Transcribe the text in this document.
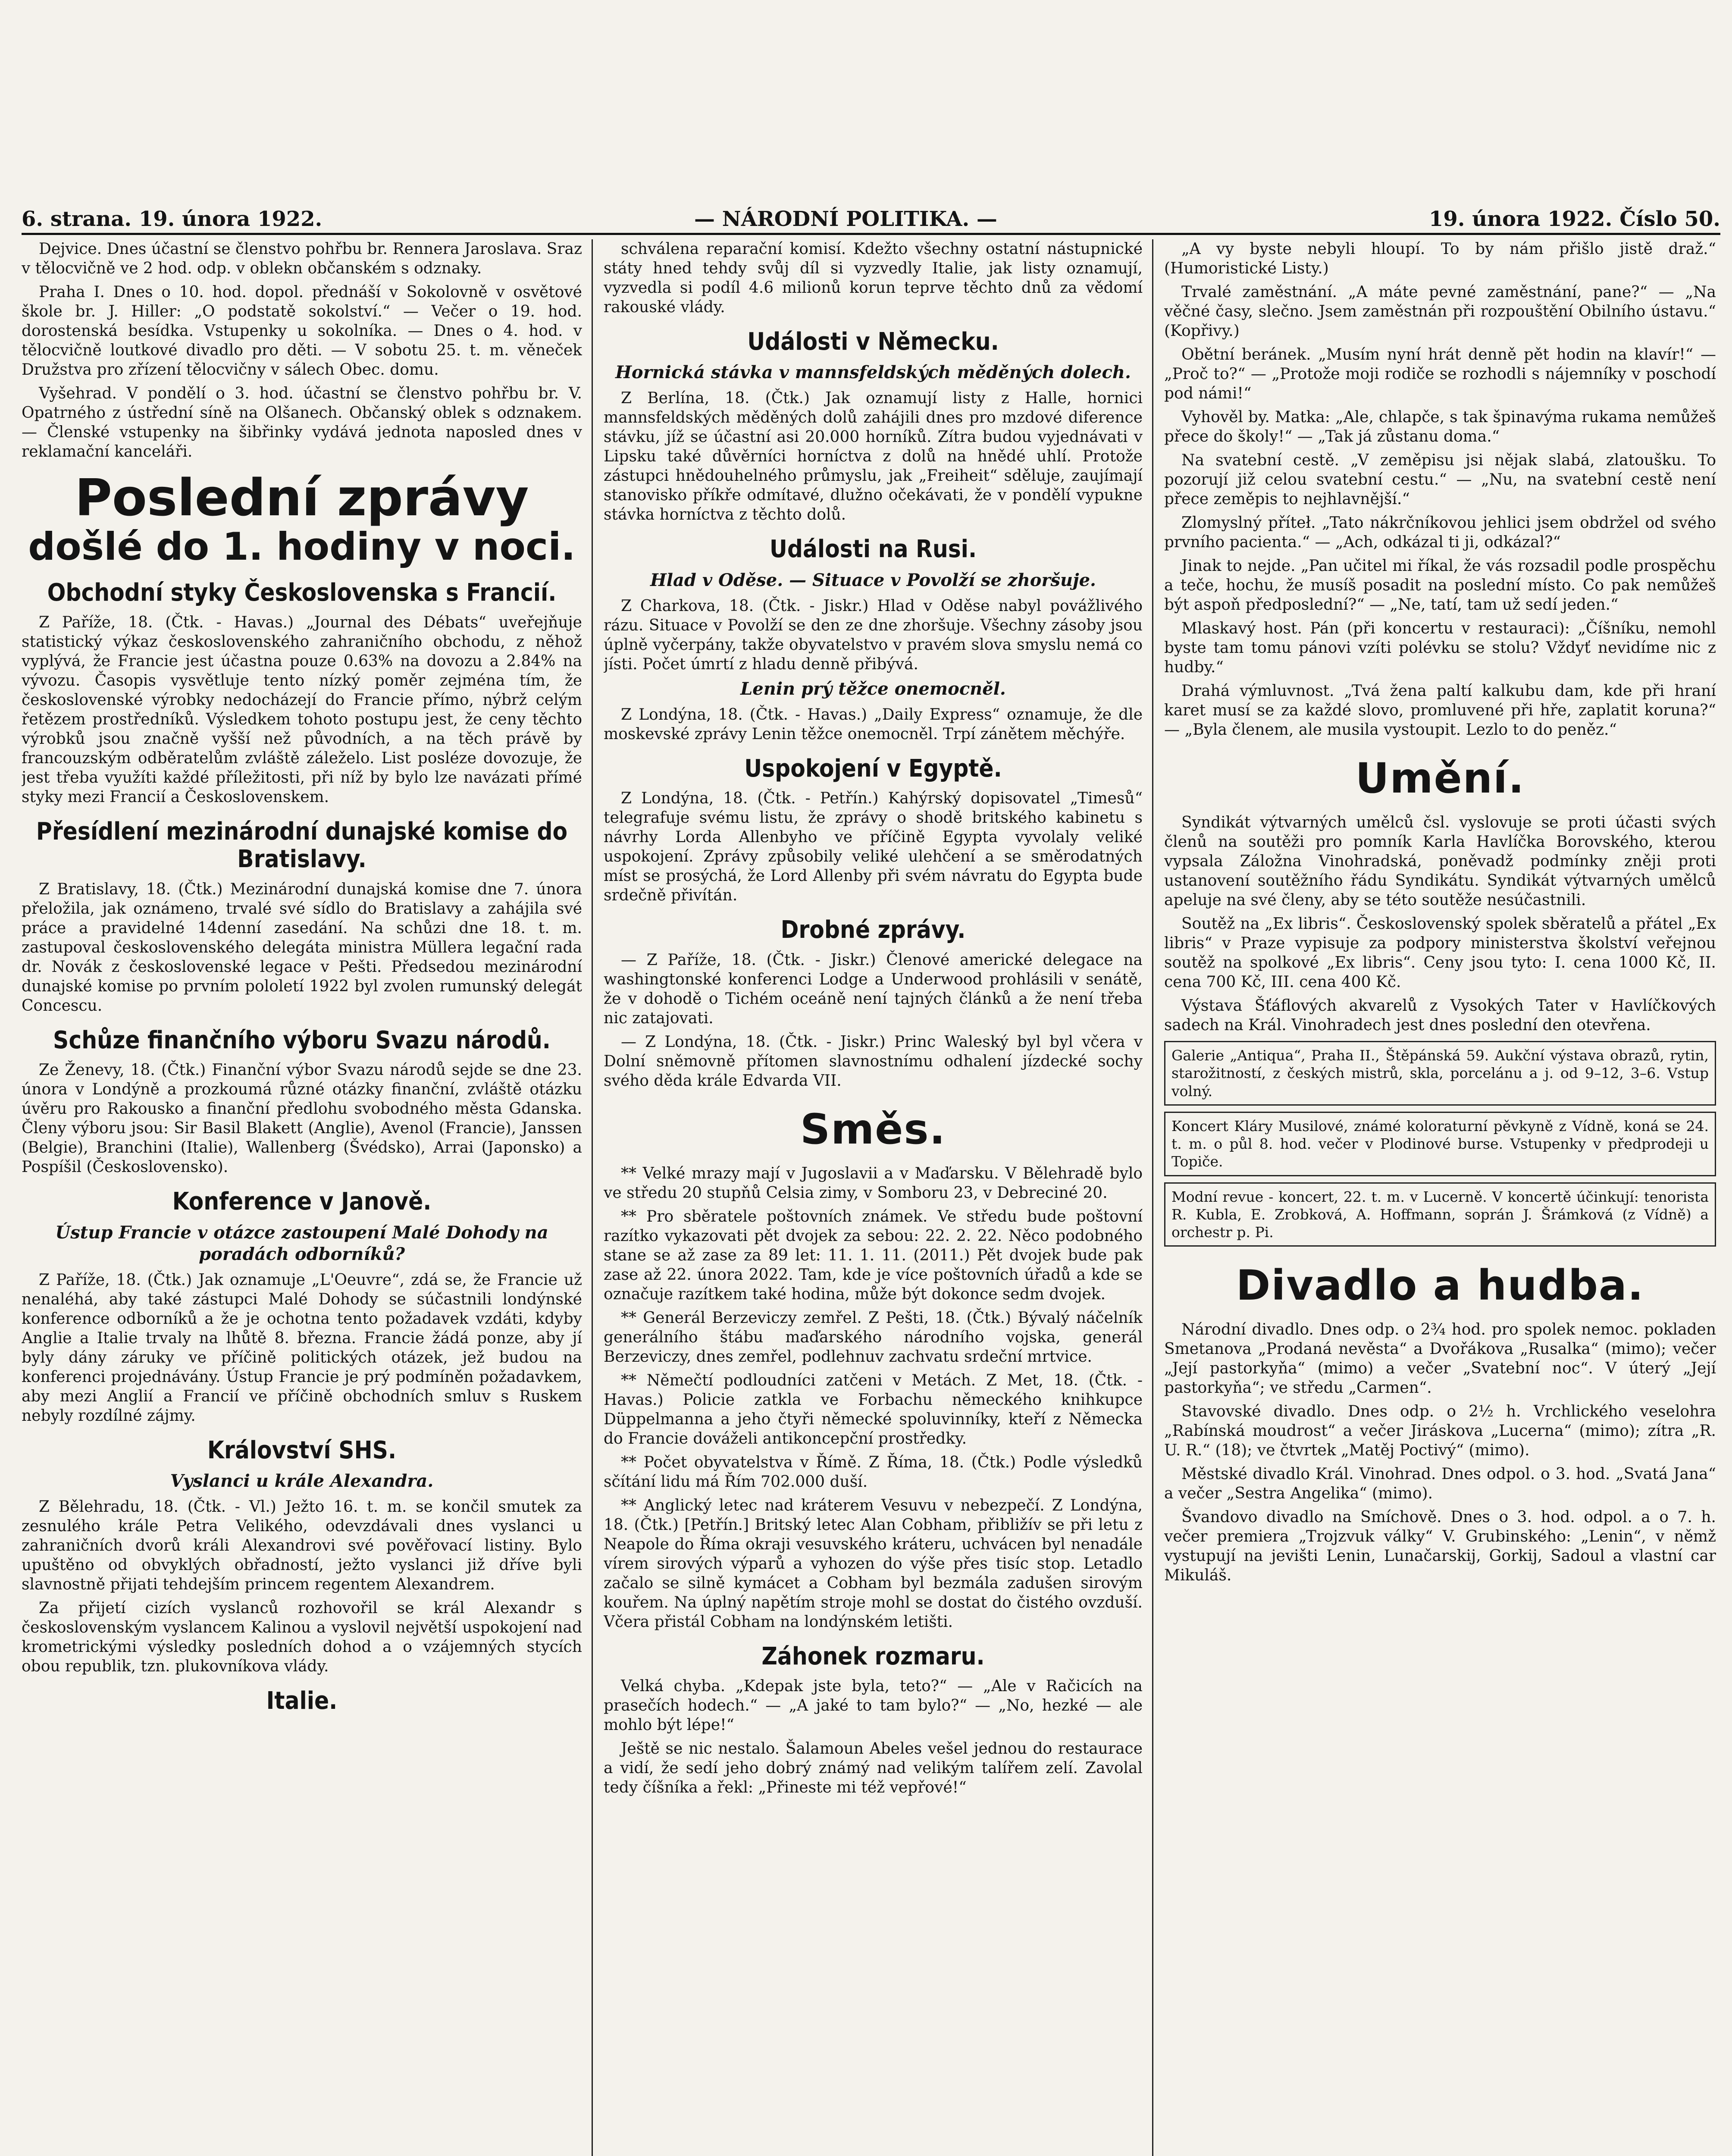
6. strana. 19. února 1922.	— NÁRODNÍ POLITIKA. —	19. února 1922. Číslo 50.

Dejvice. Dnes účastní se členstvo pohřbu br. Rennera Jaroslava. Sraz v tělocvičně ve 2 hod. odp. v oblekn občanském s odznaky.

Praha I. Dnes o 10. hod. dopol. přednáší v Sokolovně v osvětové škole br. J. Hiller: „O podstatě sokolství.“ — Večer o 19. hod. dorostenská besídka. Vstupenky u sokolníka. — Dnes o 4. hod. v tělocvičně loutkové divadlo pro děti. — V sobotu 25. t. m. věneček Družstva pro zřízení tělocvičny v sálech Obec. domu.

Vyšehrad. V pondělí o 3. hod. účastní se členstvo pohřbu br. V. Opatrného z ústřední síně na Olšanech. Občanský oblek s odznakem. — Členské vstupenky na šibřinky vydává jednota naposled dnes v reklamační kanceláři.

Poslední zprávy
došlé do 1. hodiny v noci.
Obchodní styky Československa s Francií.

Z Paříže, 18. (Čtk. - Havas.) „Journal des Débats“ uveřejňuje statistický výkaz československého zahraničního obchodu, z něhož vyplývá, že Francie jest účastna pouze 0.63% na dovozu a 2.84% na vývozu. Časopis vysvětluje tento nízký poměr zejména tím, že československé výrobky nedocházejí do Francie přímo, nýbrž celým řetězem prostředníků. Výsledkem tohoto postupu jest, že ceny těchto výrobků jsou značně vyšší než původních, a na těch právě by francouzským odběratelům zvláště záleželo. List posléze dovozuje, že jest třeba využíti každé příležitosti, při níž by bylo lze navázati přímé styky mezi Francií a Československem.

Přesídlení mezinárodní dunajské komise do Bratislavy.

Z Bratislavy, 18. (Čtk.) Mezinárodní dunajská komise dne 7. února přeložila, jak oznámeno, trvalé své sídlo do Bratislavy a zahájila své práce a pravidelné 14denní zasedání. Na schůzi dne 18. t. m. zastupoval československého delegáta ministra Müllera legační rada dr. Novák z československé legace v Pešti. Předsedou mezinárodní dunajské komise po prvním pololetí 1922 byl zvolen rumunský delegát Concescu.

Schůze finančního výboru Svazu národů.

Ze Ženevy, 18. (Čtk.) Finanční výbor Svazu národů sejde se dne 23. února v Londýně a prozkoumá různé otázky finanční, zvláště otázku úvěru pro Rakousko a finanční předlohu svobodného města Gdanska. Členy výboru jsou: Sir Basil Blakett (Anglie), Avenol (Francie), Janssen (Belgie), Branchini (Italie), Wallenberg (Švédsko), Arrai (Japonsko) a Pospíšil (Československo).

Konference v Janově.
Ústup Francie v otázce zastoupení Malé Dohody na poradách odborníků?

Z Paříže, 18. (Čtk.) Jak oznamuje „L'Oeuvre“, zdá se, že Francie už nenaléhá, aby také zástupci Malé Dohody se súčastnili londýnské konference odborníků a že je ochotna tento požadavek vzdáti, kdyby Anglie a Italie trvaly na lhůtě 8. března. Francie žádá ponze, aby jí byly dány záruky ve příčině politických otázek, jež budou na konferenci projednávány. Ústup Francie je prý podmíněn požadavkem, aby mezi Anglií a Francií ve příčině obchodních smluv s Ruskem nebyly rozdílné zájmy.

Království SHS.
Vyslanci u krále Alexandra.

Z Bělehradu, 18. (Čtk. - Vl.) Ježto 16. t. m. se končil smutek za zesnulého krále Petra Velikého, odevzdávali dnes vyslanci u zahraničních dvorů králi Alexandrovi své pověřovací listiny. Bylo upuštěno od obvyklých obřadností, ježto vyslanci již dříve byli slavnostně přijati tehdejším princem regentem Alexandrem.

Za přijetí cizích vyslanců rozhovořil se král Alexandr s československým vyslancem Kalinou a vyslovil největší uspokojení nad krometrickými výsledky posledních dohod a o vzájemných stycích obou republik, tzn. plukovníkova vlády.

Italie.

schválena reparační komisí. Kdežto všechny ostatní nástupnické státy hned tehdy svůj díl si vyzvedly Italie, jak listy oznamují, vyzvedla si podíl 4.6 milionů korun teprve těchto dnů za vědomí rakouské vlády.

Události v Německu.
Hornická stávka v mannsfeldských měděných dolech.

Z Berlína, 18. (Čtk.) Jak oznamují listy z Halle, hornici mannsfeldských měděných dolů zahájili dnes pro mzdové diference stávku, jíž se účastní asi 20.000 horníků. Zítra budou vyjednávati v Lipsku také důvěrníci horníctva z dolů na hnědé uhlí. Protože zástupci hnědouhelného průmyslu, jak „Freiheit“ sděluje, zaujímají stanovisko příkře odmítavé, dlužno očekávati, že v pondělí vypukne stávka horníctva z těchto dolů.

Události na Rusi.
Hlad v Oděse. — Situace v Povolží se zhoršuje.

Z Charkova, 18. (Čtk. - Jiskr.) Hlad v Oděse nabyl povážlivého rázu. Situace v Povolží se den ze dne zhoršuje. Všechny zásoby jsou úplně vyčerpány, takže obyvatelstvo v pravém slova smyslu nemá co jísti. Počet úmrtí z hladu denně přibývá.

Lenin prý těžce onemocněl.

Z Londýna, 18. (Čtk. - Havas.) „Daily Express“ oznamuje, že dle moskevské zprávy Lenin těžce onemocněl. Trpí zánětem měchýře.

Uspokojení v Egyptě.

Z Londýna, 18. (Čtk. - Petřín.) Kahýrský dopisovatel „Timesů“ telegrafuje svému listu, že zprávy o shodě britského kabinetu s návrhy Lorda Allenbyho ve příčině Egypta vyvolaly veliké uspokojení. Zprávy způsobily veliké ulehčení a se směrodatných míst se prosýchá, že Lord Allenby při svém návratu do Egypta bude srdečně přivítán.

Drobné zprávy.

— Z Paříže, 18. (Čtk. - Jiskr.) Členové americké delegace na washingtonské konferenci Lodge a Underwood prohlásili v senátě, že v dohodě o Tichém oceáně není tajných článků a že není třeba nic zatajovati.

— Z Londýna, 18. (Čtk. - Jiskr.) Princ Waleský byl byl včera v Dolní sněmovně přítomen slavnostnímu odhalení jízdecké sochy svého děda krále Edvarda VII.

Směs.

** Velké mrazy mají v Jugoslavii a v Maďarsku. V Bělehradě bylo ve středu 20 stupňů Celsia zimy, v Somboru 23, v Debreciné 20.

** Pro sběratele poštovních známek. Ve středu bude poštovní razítko vykazovati pět dvojek za sebou: 22. 2. 22. Něco podobného stane se až zase za 89 let: 11. 1. 11. (2011.) Pět dvojek bude pak zase až 22. února 2022. Tam, kde je více poštovních úřadů a kde se označuje razítkem také hodina, může být dokonce sedm dvojek.

** Generál Berzeviczy zemřel. Z Pešti, 18. (Čtk.) Bývalý náčelník generálního štábu maďarského národního vojska, generál Berzeviczy, dnes zemřel, podlehnuv zachvatu srdeční mrtvice.

** Němečtí podloudníci zatčeni v Metách. Z Met, 18. (Čtk. - Havas.) Policie zatkla ve Forbachu německého knihkupce Düppelmanna a jeho čtyři německé spoluvinníky, kteří z Německa do Francie dováželi antikoncepční prostředky.

** Počet obyvatelstva v Římě. Z Říma, 18. (Čtk.) Podle výsledků sčítání lidu má Řím 702.000 duší.

** Anglický letec nad kráterem Vesuvu v nebezpečí. Z Londýna, 18. (Čtk.) [Petřín.] Britský letec Alan Cobham, přibližív se při letu z Neapole do Říma okraji vesuvského kráteru, uchvácen byl nenadále vírem sirových výparů a vyhozen do výše přes tisíc stop. Letadlo začalo se silně kymácet a Cobham byl bezmála zadušen sirovým kouřem. Na úplný napětím stroje mohl se dostat do čistého ovzduší. Včera přistál Cobham na londýnském letišti.

Záhonek rozmaru.

Velká chyba. „Kdepak jste byla, teto?“ — „Ale v Račicích na prasečích hodech.“ — „A jaké to tam bylo?“ — „No, hezké — ale mohlo být lépe!“

Ještě se nic nestalo. Šalamoun Abeles vešel jednou do restaurace a vidí, že sedí jeho dobrý známý nad velikým talířem zelí. Zavolal tedy číšníka a řekl: „Přineste mi též vepřové!“

„A vy byste nebyli hloupí. To by nám přišlo jistě draž.“ (Humoristické Listy.)

Trvalé zaměstnání. „A máte pevné zaměstnání, pane?“ — „Na věčné časy, slečno. Jsem zaměstnán při rozpouštění Obilního ústavu.“ (Kopřivy.)

Obětní beránek. „Musím nyní hrát denně pět hodin na klavír!“ — „Proč to?“ — „Protože moji rodiče se rozhodli s nájemníky v poschodí pod námi!“

Vyhověl by. Matka: „Ale, chlapče, s tak špinavýma rukama nemůžeš přece do školy!“ — „Tak já zůstanu doma.“

Na svatební cestě. „V zeměpisu jsi nějak slabá, zlatoušku. To pozorují již celou svatební cestu.“ — „Nu, na svatební cestě není přece zeměpis to nejhlavnější.“

Zlomyslný příteł. „Tato nákrčníkovou jehlici jsem obdržel od svého prvního pacienta.“ — „Ach, odkázal ti ji, odkázal?“

Jinak to nejde. „Pan učitel mi říkal, že vás rozsadil podle prospěchu a teče, hochu, že musíš posadit na poslední místo. Co pak nemůžeš být aspoň předposlední?“ — „Ne, tatí, tam už sedí jeden.“

Mlaskavý host. Pán (při koncertu v restauraci): „Číšníku, nemohl byste tam tomu pánovi vzíti polévku se stolu? Vždyť nevidíme nic z hudby.“

Drahá výmluvnost. „Tvá žena paltí kalkubu dam, kde při hraní karet musí se za každé slovo, promluvené při hře, zaplatit koruna?“ — „Byla členem, ale musila vystoupit. Lezlo to do peněz.“

Umění.

Syndikát výtvarných umělců čsl. vyslovuje se proti účasti svých členů na soutěži pro pomník Karla Havlíčka Borovského, kterou vypsala Záložna Vinohradská, poněvadž podmínky zněji proti ustanovení soutěžního řádu Syndikátu. Syndikát výtvarných umělců apeluje na své členy, aby se této soutěže nesúčastnili.

Soutěž na „Ex libris“. Československý spolek sběratelů a přátel „Ex libris“ v Praze vypisuje za podpory ministerstva školství veřejnou soutěž na spolkové „Ex libris“. Ceny jsou tyto: I. cena 1000 Kč, II. cena 700 Kč, III. cena 400 Kč.

Výstava Šťáflových akvarelů z Vysokých Tater v Havlíčkových sadech na Král. Vinohradech jest dnes poslední den otevřena.

Galerie „Antiqua“, Praha II., Štěpánská 59. Aukční výstava obrazů, rytin, starožitností, z českých mistrů, skla, porcelánu a j. od 9–12, 3–6. Vstup volný.
Koncert Kláry Musilové, známé koloraturní pěvkyně z Vídně, koná se 24. t. m. o půl 8. hod. večer v Plodinové burse. Vstupenky v předprodeji u Topiče.
Modní revue - koncert, 22. t. m. v Lucerně. V koncertě účinkují: tenorista R. Kubla, E. Zrobková, A. Hoffmann, soprán J. Šrámková (z Vídně) a orchestr p. Pi.
Divadlo a hudba.

Národní divadlo. Dnes odp. o 2¾ hod. pro spolek nemoc. pokladen Smetanova „Prodaná nevěsta“ a Dvořákova „Rusalka“ (mimo); večer „Její pastorkyňa“ (mimo) a večer „Svatební noc“. V úterý „Její pastorkyňa“; ve středu „Carmen“.

Stavovské divadlo. Dnes odp. o 2½ h. Vrchlického veselohra „Rabínská moudrost“ a večer Jiráskova „Lucerna“ (mimo); zítra „R. U. R.“ (18); ve čtvrtek „Matěj Poctivý“ (mimo).

Městské divadlo Král. Vinohrad. Dnes odpol. o 3. hod. „Svatá Jana“ a večer „Sestra Angelika“ (mimo).

Švandovo divadlo na Smíchově. Dnes o 3. hod. odpol. a o 7. h. večer premiera „Trojzvuk války“ V. Grubinského: „Lenin“, v němž vystupují na jevišti Lenin, Lunačarskij, Gorkij, Sadoul a vlastní car Mikuláš.
